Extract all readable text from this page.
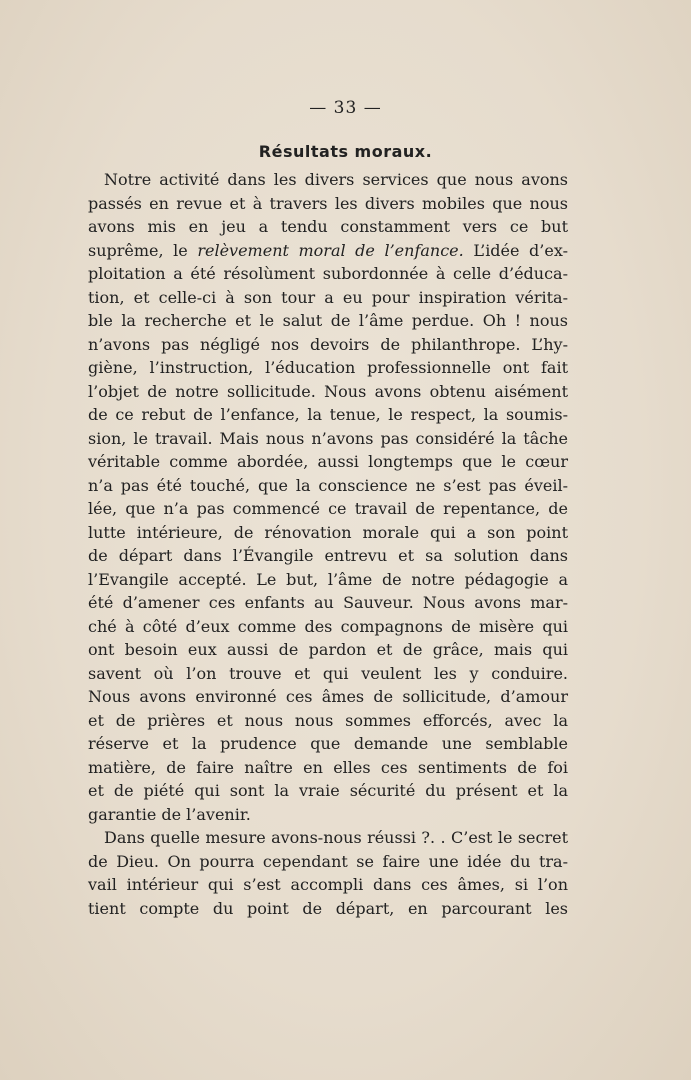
— 33 —
Résultats moraux.
Notre activité dans les divers services que nous avons
passés en revue et à travers les divers mobiles que nous
avons mis en jeu a tendu constamment vers ce but
suprême, le relèvement moral de l’enfance. L’idée d’ex-
ploitation a été résolùment subordonnée à celle d’éduca-
tion, et celle-ci à son tour a eu pour inspiration vérita-
ble la recherche et le salut de l’âme perdue. Oh ! nous
n’avons pas négligé nos devoirs de philanthrope. L’hy-
giène, l’instruction, l’éducation professionnelle ont fait
l’objet de notre sollicitude. Nous avons obtenu aisément
de ce rebut de l’enfance, la tenue, le respect, la soumis-
sion, le travail. Mais nous n’avons pas considéré la tâche
véritable comme abordée, aussi longtemps que le cœur
n’a pas été touché, que la conscience ne s’est pas éveil-
lée, que n’a pas commencé ce travail de repentance, de
lutte intérieure, de rénovation morale qui a son point
de départ dans l’Évangile entrevu et sa solution dans
l’Evangile accepté. Le but, l’âme de notre pédagogie a
été d’amener ces enfants au Sauveur. Nous avons mar-
ché à côté d’eux comme des compagnons de misère qui
ont besoin eux aussi de pardon et de grâce, mais qui
savent où l’on trouve et qui veulent les y conduire.
Nous avons environné ces âmes de sollicitude, d’amour
et de prières et nous nous sommes efforcés, avec la
réserve et la prudence que demande une semblable
matière, de faire naître en elles ces sentiments de foi
et de piété qui sont la vraie sécurité du présent et la
garantie de l’avenir.
Dans quelle mesure avons-nous réussi ?. . C’est le secret
de Dieu. On pourra cependant se faire une idée du tra-
vail intérieur qui s’est accompli dans ces âmes, si l’on
tient compte du point de départ, en parcourant les
